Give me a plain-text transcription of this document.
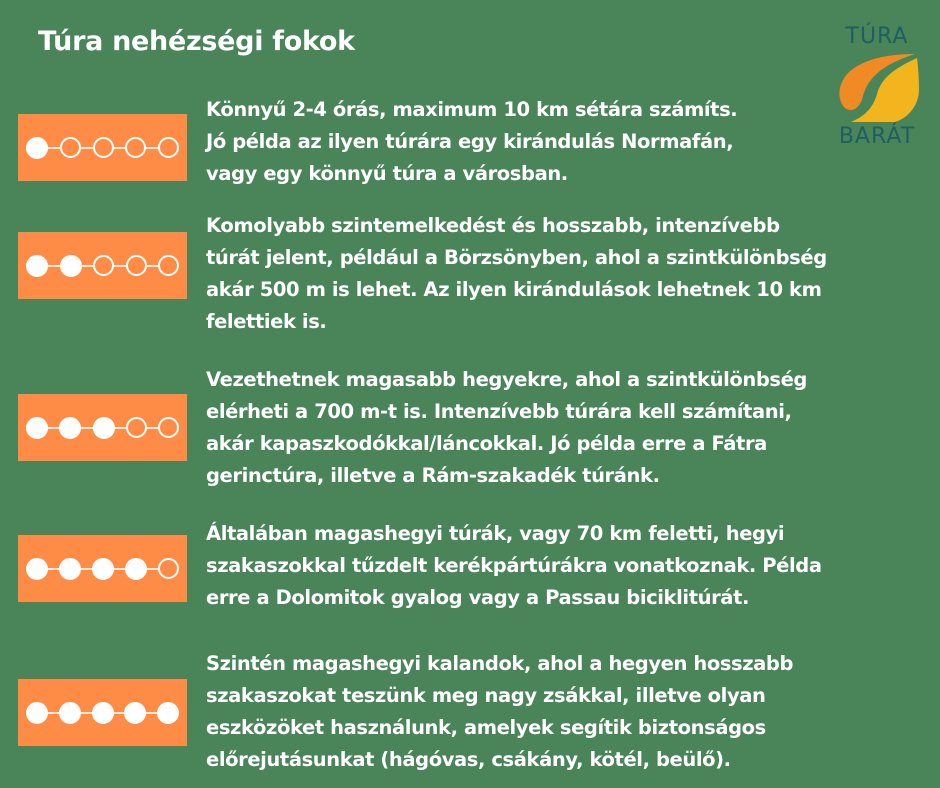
Túra nehézségi fokok	TÚRA
BARÁT
Könnyű 2-4 órás, maximum 10 km sétára számíts.
Jó példa az ilyen túrára egy kirándulás Normafán,
vagy egy könnyű túra a városban.
Komolyabb szintemelkedést és hosszabb, intenzívebb
túrát jelent, például a Börzsönyben, ahol a szintkülönbség
akár 500 m is lehet. Az ilyen kirándulások lehetnek 10 km
felettiek is.
Vezethetnek magasabb hegyekre, ahol a szintkülönbség
elérheti a 700 m-t is. Intenzívebb túrára kell számítani,
akár kapaszkodókkal/láncokkal. Jó példa erre a Fátra
gerinctúra, illetve a Rám-szakadék túránk.
Általában magashegyi túrák, vagy 70 km feletti, hegyi
szakaszokkal tűzdelt kerékpártúrákra vonatkoznak. Példa
erre a Dolomitok gyalog vagy a Passau biciklitúrát.
Szintén magashegyi kalandok, ahol a hegyen hosszabb
szakaszokat teszünk meg nagy zsákkal, illetve olyan
eszközöket használunk, amelyek segítik biztonságos
előrejutásunkat (hágóvas, csákány, kötél, beülő).
